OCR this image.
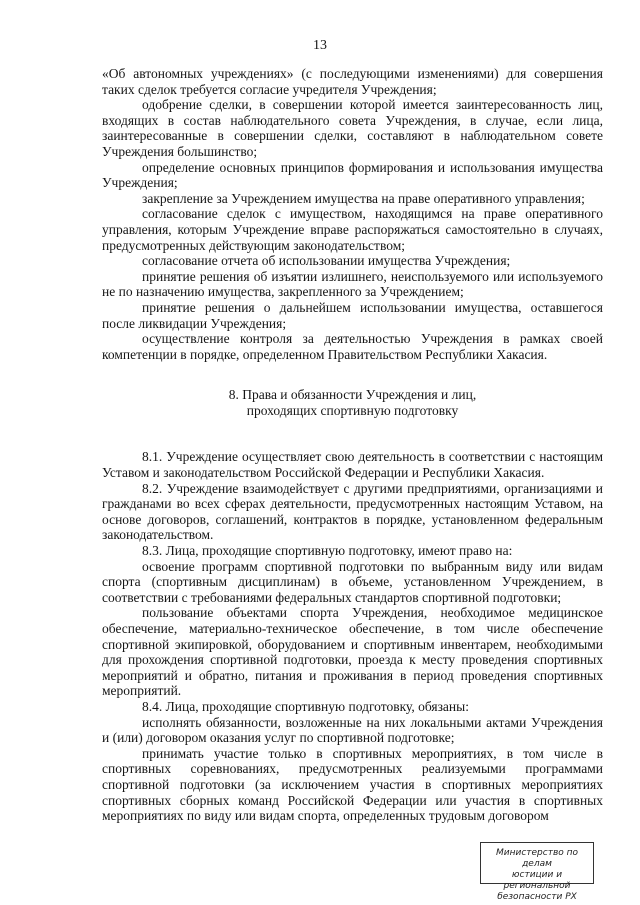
13

«Об автономных учреждениях» (с последующими изменениями) для совершения таких сделок требуется согласие учредителя Учреждения;

одобрение сделки, в совершении которой имеется заинтересованность лиц, входящих в состав наблюдательного совета Учреждения, в случае, если лица, заинтересованные в совершении сделки, составляют в наблюдательном совете Учреждения большинство;

определение основных принципов формирования и использования имущества Учреждения;

закрепление за Учреждением имущества на праве оперативного управления;

согласование сделок с имуществом, находящимся на праве оперативного управления, которым Учреждение вправе распоряжаться самостоятельно в случаях, предусмотренных действующим законодательством;

согласование отчета об использовании имущества Учреждения;

принятие решения об изъятии излишнего, неиспользуемого или используемого не по назначению имущества, закрепленного за Учреждением;

принятие решения о дальнейшем использовании имущества, оставшегося после ликвидации Учреждения;

осуществление контроля за деятельностью Учреждения в рамках своей компетенции в порядке, определенном Правительством Республики Хакасия.

8. Права и обязанности Учреждения и лиц,
проходящих спортивную подготовку

8.1. Учреждение осуществляет свою деятельность в соответствии с настоящим Уставом и законодательством Российской Федерации и Республики Хакасия.

8.2. Учреждение взаимодействует с другими предприятиями, организациями и гражданами во всех сферах деятельности, предусмотренных настоящим Уставом, на основе договоров, соглашений, контрактов в порядке, установленном федеральным законодательством.

8.3. Лица, проходящие спортивную подготовку, имеют право на:

освоение программ спортивной подготовки по выбранным виду или видам спорта (спортивным дисциплинам) в объеме, установленном Учреждением, в соответствии с требованиями федеральных стандартов спортивной подготовки;

пользование объектами спорта Учреждения, необходимое медицинское обеспечение, материально-техническое обеспечение, в том числе обеспечение спортивной экипировкой, оборудованием и спортивным инвентарем, необходимыми для прохождения спортивной подготовки, проезда к месту проведения спортивных мероприятий и обратно, питания и проживания в период проведения спортивных мероприятий.

8.4. Лица, проходящие спортивную подготовку, обязаны:

исполнять обязанности, возложенные на них локальными актами Учреждения и (или) договором оказания услуг по спортивной подготовке;

принимать участие только в спортивных мероприятиях, в том числе в спортивных соревнованиях, предусмотренных реализуемыми программами спортивной подготовки (за исключением участия в спортивных мероприятиях спортивных сборных команд Российской Федерации или участия в спортивных мероприятиях по виду или видам спорта, определенных трудовым договором

Министерство по делам
юстиции и региональной
безопасности РХ
